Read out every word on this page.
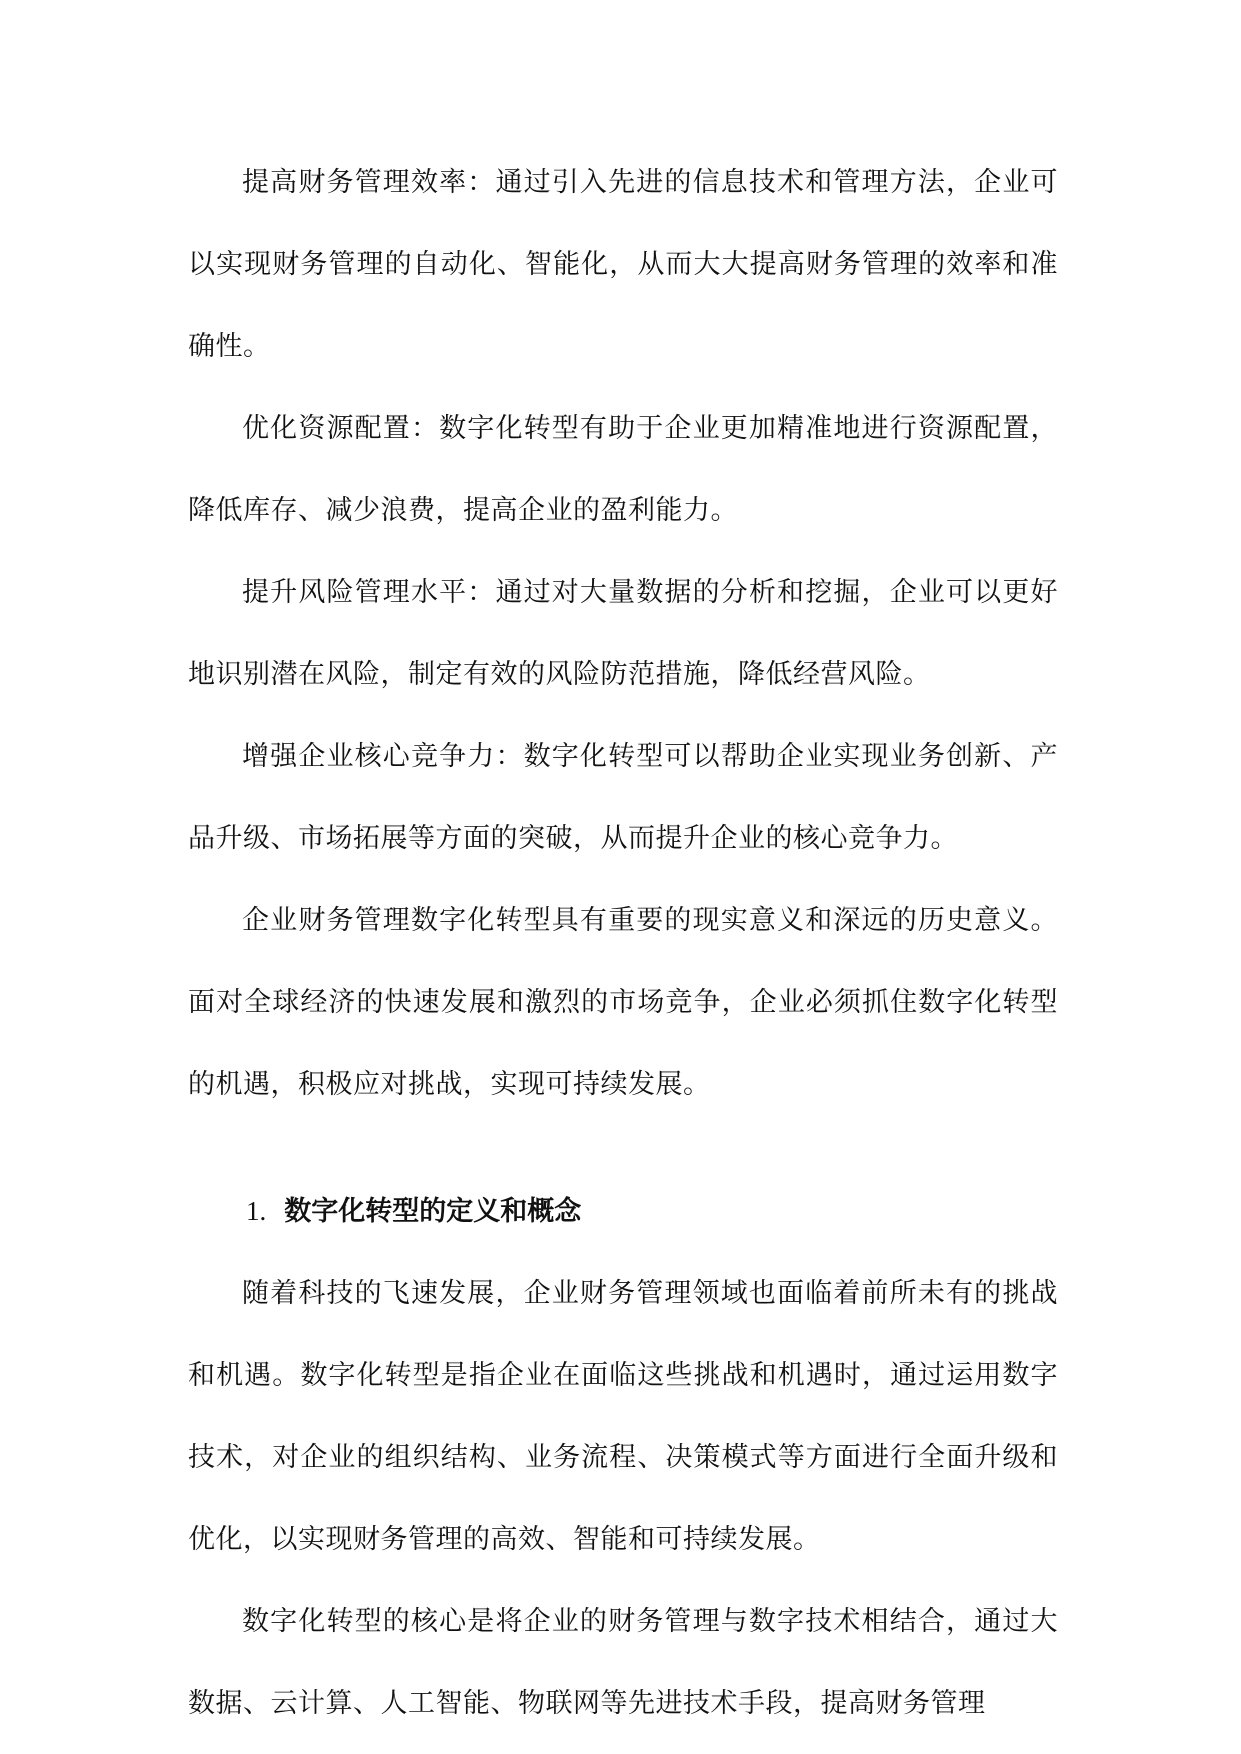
提高财务管理效率：通过引入先进的信息技术和管理方法，企业可以实现财务管理的自动化、智能化，从而大大提高财务管理的效率和准确性。

优化资源配置：数字化转型有助于企业更加精准地进行资源配置，降低库存、减少浪费，提高企业的盈利能力。

提升风险管理水平：通过对大量数据的分析和挖掘，企业可以更好地识别潜在风险，制定有效的风险防范措施，降低经营风险。

增强企业核心竞争力：数字化转型可以帮助企业实现业务创新、产品升级、市场拓展等方面的突破，从而提升企业的核心竞争力。

企业财务管理数字化转型具有重要的现实意义和深远的历史意义。面对全球经济的快速发展和激烈的市场竞争，企业必须抓住数字化转型的机遇，积极应对挑战，实现可持续发展。

1. 数字化转型的定义和概念

随着科技的飞速发展，企业财务管理领域也面临着前所未有的挑战和机遇。数字化转型是指企业在面临这些挑战和机遇时，通过运用数字技术，对企业的组织结构、业务流程、决策模式等方面进行全面升级和优化，以实现财务管理的高效、智能和可持续发展。

数字化转型的核心是将企业的财务管理与数字技术相结合，通过大数据、云计算、人工智能、物联网等先进技术手段，提高财务管理
